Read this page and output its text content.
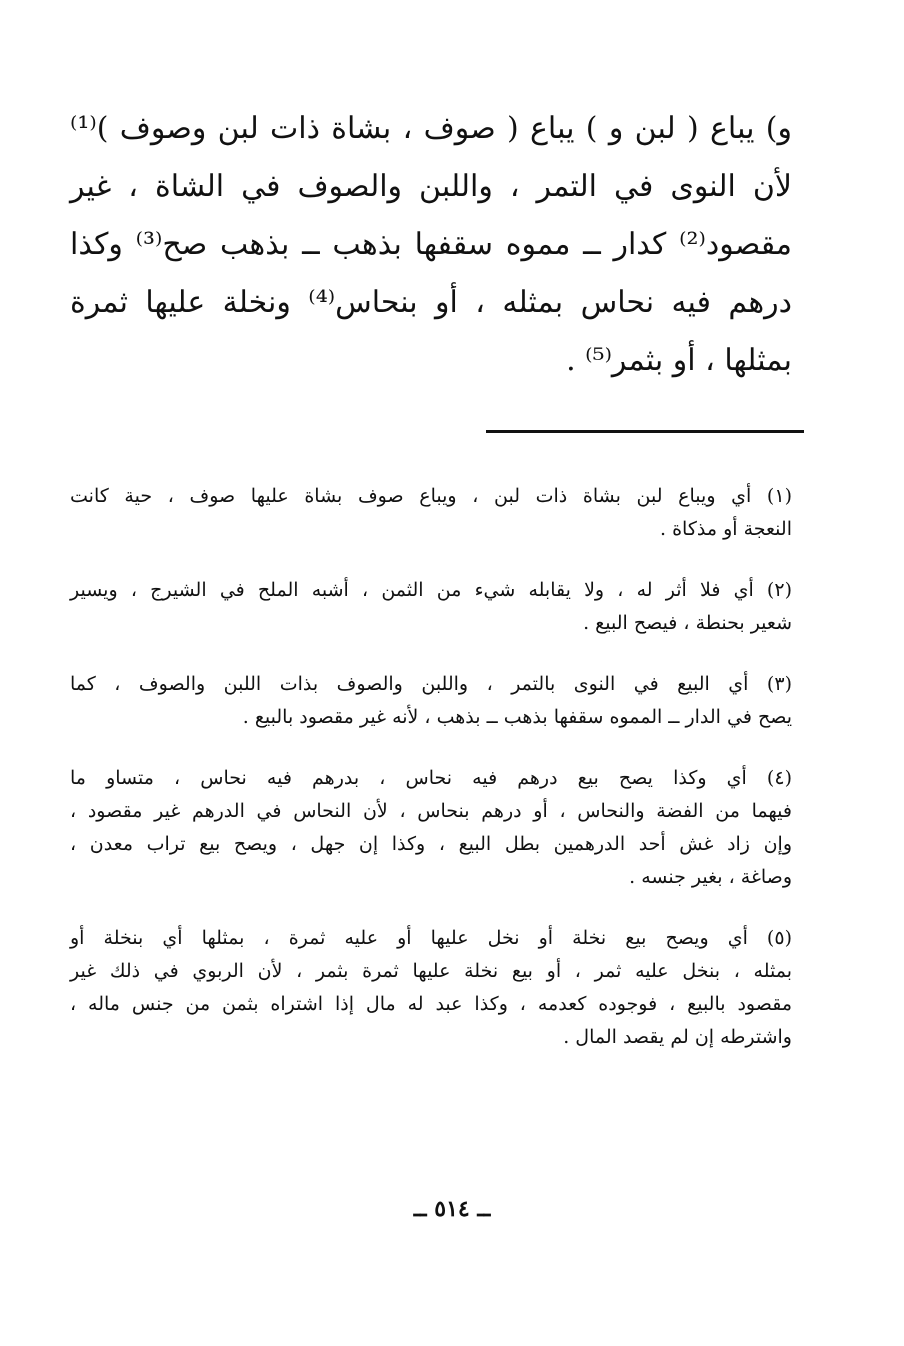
و) يباع ( لبن و ) يباع ( صوف ، بشاة ذات لبن وصوف )⁽¹⁾
لأن النوى في التمر ، واللبن والصوف في الشاة ، غير
مقصود⁽²⁾ كدار ــ مموه سقفها بذهب ــ بذهب صح⁽³⁾ وكذا
درهم فيه نحاس بمثله ، أو بنحاس⁽⁴⁾ ونخلة عليها ثمرة
بمثلها ، أو بثمر⁽⁵⁾ .
(١) أي ويباع لبن بشاة ذات لبن ، ويباع صوف بشاة عليها صوف ، حية كانت
النعجة أو مذكاة .
(٢) أي فلا أثر له ، ولا يقابله شيء من الثمن ، أشبه الملح في الشيرج ، ويسير
شعير بحنطة ، فيصح البيع .
(٣) أي البيع في النوى بالتمر ، واللبن والصوف بذات اللبن والصوف ، كما
يصح في الدار ــ المموه سقفها بذهب ــ بذهب ، لأنه غير مقصود بالبيع .
(٤) أي وكذا يصح بيع درهم فيه نحاس ، بدرهم فيه نحاس ، متساو ما
فيهما من الفضة والنحاس ، أو درهم بنحاس ، لأن النحاس في الدرهم غير مقصود ،
وإن زاد غش أحد الدرهمين بطل البيع ، وكذا إن جهل ، ويصح بيع تراب معدن ،
وصاغة ، بغير جنسه .
(٥) أي ويصح بيع نخلة أو نخل عليها أو عليه ثمرة ، بمثلها أي بنخلة أو
بمثله ، بنخل عليه ثمر ، أو بيع نخلة عليها ثمرة بثمر ، لأن الربوي في ذلك غير
مقصود بالبيع ، فوجوده كعدمه ، وكذا عبد له مال إذا اشتراه بثمن من جنس ماله ،
واشترطه إن لم يقصد المال .
ــ ٥١٤ ــ
